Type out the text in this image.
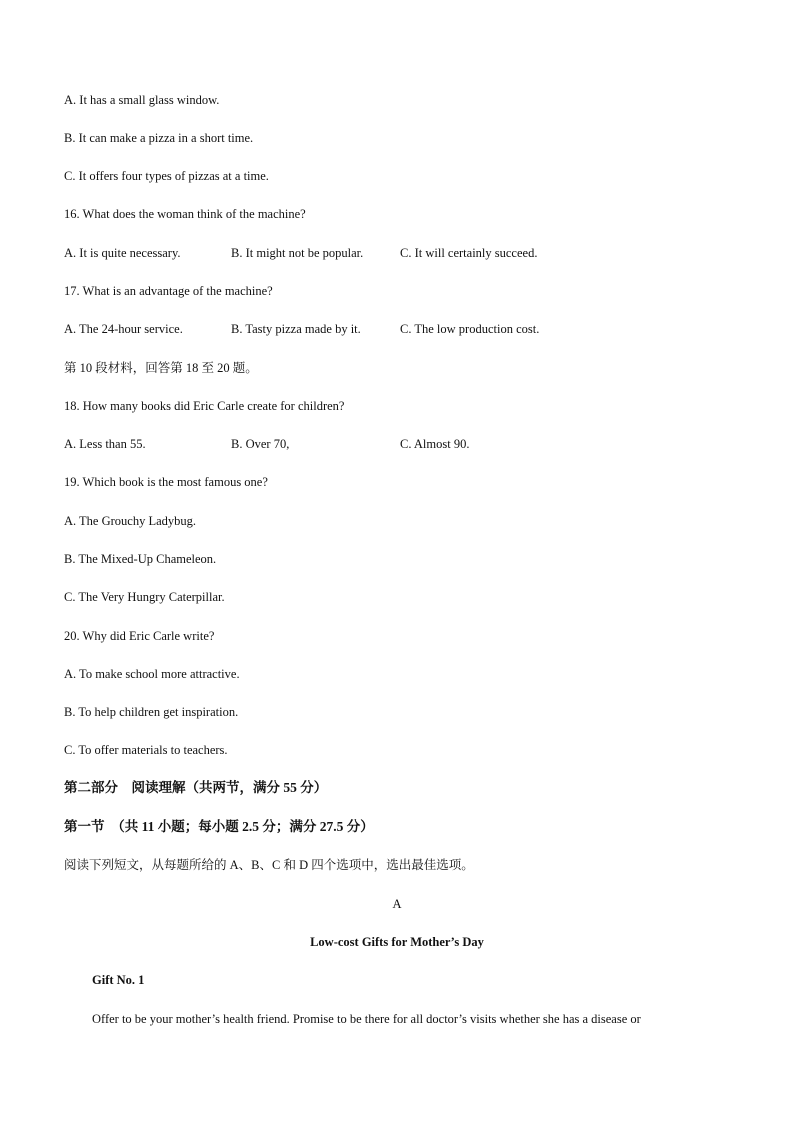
A. It has a small glass window.
B. It can make a pizza in a short time.
C. It offers four types of pizzas at a time.
16. What does the woman think of the machine?
A. It is quite necessary.	B. It might not be popular.	C. It will certainly succeed.
17. What is an advantage of the machine?
A. The 24-hour service.	B. Tasty pizza made by it.	C. The low production cost.
第 10 段材料，回答第 18 至 20 题。
18. How many books did Eric Carle create for children?
A. Less than 55.	B. Over 70,	C. Almost 90.
19. Which book is the most famous one?
A. The Grouchy Ladybug.
B. The Mixed-Up Chameleon.
C. The Very Hungry Caterpillar.
20. Why did Eric Carle write?
A. To make school more attractive.
B. To help children get inspiration.
C. To offer materials to teachers.
第二部分　阅读理解（共两节，满分 55 分）
第一节　（共 11 小题；每小题 2.5 分；满分 27.5 分）
阅读下列短文，从每题所给的 A、B、C 和 D 四个选项中，选出最佳选项。
A
Low-cost Gifts for Mother’s Day
Gift No. 1
Offer to be your mother’s health friend. Promise to be there for all doctor’s visits whether she has a disease or
